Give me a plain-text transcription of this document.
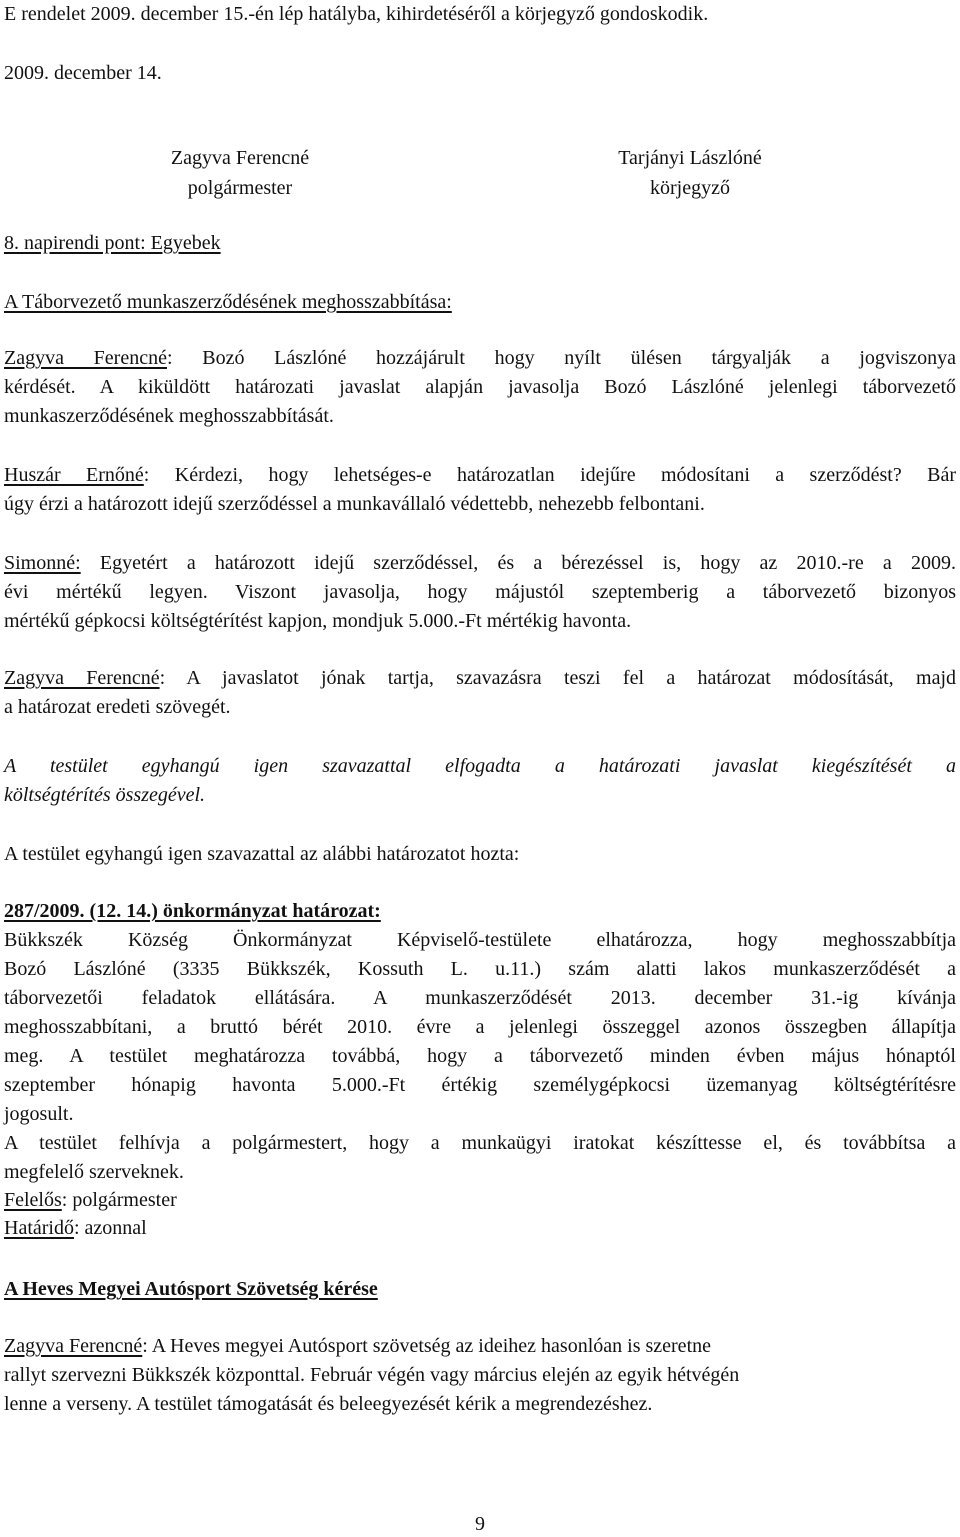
E rendelet 2009. december 15.-én lép hatályba, kihirdetéséről a körjegyző gondoskodik.
2009. december 14.
Zagyva Ferencné
polgármester
Tarjányi Lászlóné
körjegyző
8. napirendi pont: Egyebek
A Táborvezető munkaszerződésének meghosszabbítása:
Zagyva Ferencné: Bozó Lászlóné hozzájárult hogy nyílt ülésen tárgyalják a jogviszonya
kérdését. A kiküldött határozati javaslat alapján javasolja Bozó Lászlóné jelenlegi táborvezető
munkaszerződésének meghosszabbítását.
Huszár Ernőné: Kérdezi, hogy lehetséges-e határozatlan idejűre módosítani a szerződést? Bár
úgy érzi a határozott idejű szerződéssel a munkavállaló védettebb, nehezebb felbontani.
Simonné: Egyetért a határozott idejű szerződéssel, és a bérezéssel is, hogy az 2010.-re a 2009.
évi mértékű legyen. Viszont javasolja, hogy májustól szeptemberig a táborvezető bizonyos
mértékű gépkocsi költségtérítést kapjon, mondjuk 5.000.-Ft mértékig havonta.
Zagyva Ferencné: A javaslatot jónak tartja, szavazásra teszi fel a határozat módosítását, majd
a határozat eredeti szövegét.
A testület egyhangú igen szavazattal elfogadta a határozati javaslat kiegészítését a
költségtérítés összegével.
A testület egyhangú igen szavazattal az alábbi határozatot hozta:
287/2009. (12. 14.) önkormányzat határozat:
Bükkszék Község Önkormányzat Képviselő-testülete elhatározza, hogy meghosszabbítja
Bozó Lászlóné (3335 Bükkszék, Kossuth L. u.11.) szám alatti lakos munkaszerződését a
táborvezetői feladatok ellátására. A munkaszerződését 2013. december 31.-ig kívánja
meghosszabbítani, a bruttó bérét 2010. évre a jelenlegi összeggel azonos összegben állapítja
meg. A testület meghatározza továbbá, hogy a táborvezető minden évben május hónaptól
szeptember hónapig havonta 5.000.-Ft értékig személygépkocsi üzemanyag költségtérítésre
jogosult.
A testület felhívja a polgármestert, hogy a munkaügyi iratokat készíttesse el, és továbbítsa a
megfelelő szerveknek.
Felelős: polgármester
Határidő: azonnal
A Heves Megyei Autósport Szövetség kérése
Zagyva Ferencné: A Heves megyei Autósport szövetség az ideihez hasonlóan is szeretne
rallyt szervezni Bükkszék központtal. Február végén vagy március elején az egyik hétvégén
lenne a verseny. A testület támogatását és beleegyezését kérik a megrendezéshez.
9
